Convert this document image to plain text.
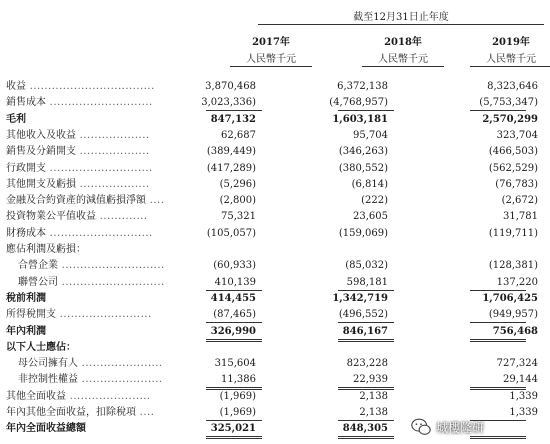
截至12月31日止年度
2017年	2018年	2019年
人民幣千元	人民幣千元	人民幣千元
收益 ..................................	3,870,468	6,372,138	8,323,646
銷售成本 ............................	3,023,336)	(4,768,957)	(5,753,347)
毛利	847,132	1,603,181	2,570,299
其他收入及收益 ...................	62,687	95,704	323,704
銷售及分銷開支 ...................	(389,449)	(346,263)	(466,503)
行政開支 ............................	(417,289)	(380,552)	(562,529)
其他開支及虧損 ...................	(5,296)	(6,814)	(76,783)
金融及合約資產的減值虧損淨額 ....	(2,800)	(222)	(2,672)
投資物業公平值收益 .............	75,321	23,605	31,781
財務成本 ............................	(105,057)	(159,069)	(119,711)
應佔利潤及虧損：
合營企業 ............................	(60,933)	(85,032)	(128,381)
聯營公司 ............................	410,139	598,181	137,220
稅前利潤	414,455	1,342,719	1,706,425
所得稅開支 .........................	(87,465)	(496,552)	(949,957)
年內利潤	326,990	846,167	756,468
以下人士應佔：
母公司擁有人 ......................	315,604	823,228	727,324
非控制性權益 ......................	11,386	22,939	29,144
其他全面收益 ......................	(1,969)	2,138	1,339
年內其他全面收益，扣除稅項 ....	(1,969)	2,138	1,339
年內全面收益總額	325,021	848,305	城樓隆研
